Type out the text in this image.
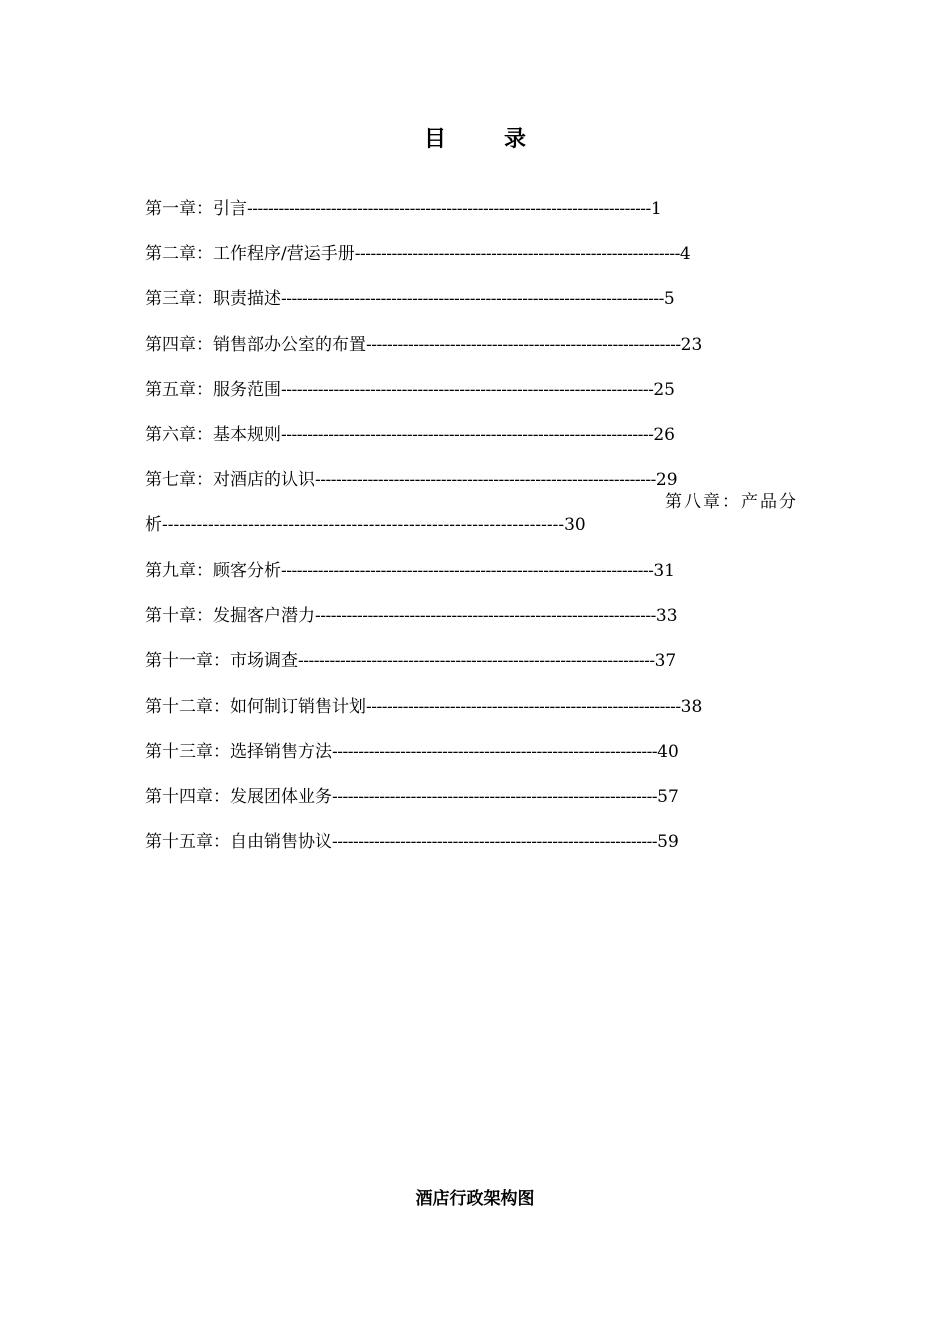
目	录
第一章：引言-----------------------------------------------------------------------------1
第二章：工作程序/营运手册--------------------------------------------------------------4
第三章：职责描述-------------------------------------------------------------------------5
第四章：销售部办公室的布置------------------------------------------------------------23
第五章：服务范围-----------------------------------------------------------------------25
第六章：基本规则-----------------------------------------------------------------------26
第七章：对酒店的认识-----------------------------------------------------------------29
第八章：产品分
析----------------------------------------------------------------------30
第九章：顾客分析-----------------------------------------------------------------------31
第十章：发掘客户潜力-----------------------------------------------------------------33
第十一章：市场调查--------------------------------------------------------------------37
第十二章：如何制订销售计划------------------------------------------------------------38
第十三章：选择销售方法--------------------------------------------------------------40
第十四章：发展团体业务--------------------------------------------------------------57
第十五章：自由销售协议--------------------------------------------------------------59
酒店行政架构图
